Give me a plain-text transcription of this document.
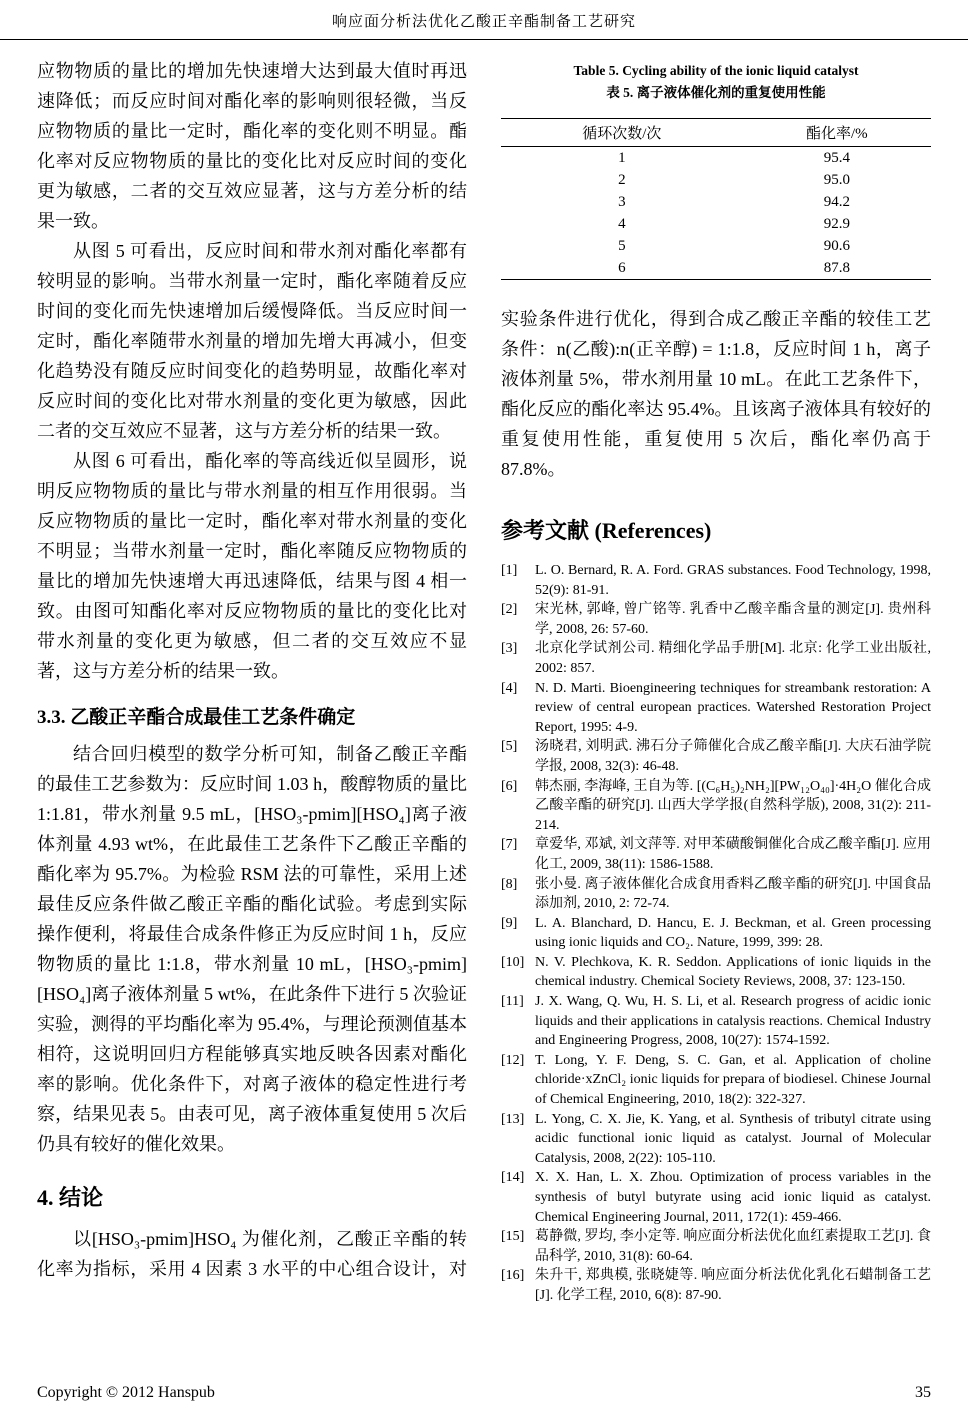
响应面分析法优化乙酸正辛酯制备工艺研究

应物物质的量比的增加先快速增大达到最大值时再迅速降低；而反应时间对酯化率的影响则很轻微，当反应物物质的量比一定时，酯化率的变化则不明显。酯化率对反应物物质的量比的变化比对反应时间的变化更为敏感，二者的交互效应显著，这与方差分析的结果一致。

从图 5 可看出，反应时间和带水剂对酯化率都有较明显的影响。当带水剂量一定时，酯化率随着反应时间的变化而先快速增加后缓慢降低。当反应时间一定时，酯化率随带水剂量的增加先增大再减小，但变化趋势没有随反应时间变化的趋势明显，故酯化率对反应时间的变化比对带水剂量的变化更为敏感，因此二者的交互效应不显著，这与方差分析的结果一致。

从图 6 可看出，酯化率的等高线近似呈圆形，说明反应物物质的量比与带水剂量的相互作用很弱。当反应物物质的量比一定时，酯化率对带水剂量的变化不明显；当带水剂量一定时，酯化率随反应物物质的量比的增加先快速增大再迅速降低，结果与图 4 相一致。由图可知酯化率对反应物物质的量比的变化比对带水剂量的变化更为敏感，但二者的交互效应不显著，这与方差分析的结果一致。

3.3. 乙酸正辛酯合成最佳工艺条件确定

结合回归模型的数学分析可知，制备乙酸正辛酯的最佳工艺参数为：反应时间 1.03 h，酸醇物质的量比 1:1.81，带水剂量 9.5 mL，[HSO₃-pmim][HSO₄]离子液体剂量 4.93 wt%，在此最佳工艺条件下乙酸正辛酯的酯化率为 95.7%。为检验 RSM 法的可靠性，采用上述最佳反应条件做乙酸正辛酯的酯化试验。考虑到实际操作便利，将最佳合成条件修正为反应时间 1 h，反应物物质的量比 1:1.8，带水剂量 10 mL，[HSO₃-pmim][HSO₄]离子液体剂量 5 wt%，在此条件下进行 5 次验证实验，测得的平均酯化率为 95.4%，与理论预测值基本相符，这说明回归方程能够真实地反映各因素对酯化率的影响。优化条件下，对离子液体的稳定性进行考察，结果见表 5。由表可见，离子液体重复使用 5 次后仍具有较好的催化效果。

4. 结论

以[HSO₃-pmim]HSO₄ 为催化剂，乙酸正辛酯的转化率为指标，采用 4 因素 3 水平的中心组合设计，对

Table 5. Cycling ability of the ionic liquid catalyst
表 5. 离子液体催化剂的重复使用性能
循环次数/次	酯化率/%
1	95.4
2	95.0
3	94.2
4	92.9
5	90.6
6	87.8

实验条件进行优化，得到合成乙酸正辛酯的较佳工艺条件：n(乙酸):n(正辛醇) = 1:1.8，反应时间 1 h，离子液体剂量 5%，带水剂用量 10 mL。在此工艺条件下，酯化反应的酯化率达 95.4%。且该离子液体具有较好的重复使用性能，重复使用 5 次后，酯化率仍高于 87.8%。

参考文献 (References)
[1]	L. O. Bernard, R. A. Ford. GRAS substances. Food Technology, 1998, 52(9): 81-91.
[2]	宋光林, 郭峰, 曾广铭等. 乳香中乙酸辛酯含量的测定[J]. 贵州科学, 2008, 26: 57-60.
[3]	北京化学试剂公司. 精细化学品手册[M]. 北京: 化学工业出版社, 2002: 857.
[4]	N. D. Marti. Bioengineering techniques for streambank restoration: A review of central european practices. Watershed Restoration Project Report, 1995: 4-9.
[5]	汤晓君, 刘明武. 沸石分子筛催化合成乙酸辛酯[J]. 大庆石油学院学报, 2008, 32(3): 46-48.
[6]	韩杰丽, 李海峰, 王自为等. [(C₆H₅)₂NH₂][PW₁₂O₄₀]·4H₂O 催化合成乙酸辛酯的研究[J]. 山西大学学报(自然科学版), 2008, 31(2): 211-214.
[7]	章爱华, 邓斌, 刘文萍等. 对甲苯磺酸铜催化合成乙酸辛酯[J]. 应用化工, 2009, 38(11): 1586-1588.
[8]	张小曼. 离子液体催化合成食用香料乙酸辛酯的研究[J]. 中国食品添加剂, 2010, 2: 72-74.
[9]	L. A. Blanchard, D. Hancu, E. J. Beckman, et al. Green processing using ionic liquids and CO₂. Nature, 1999, 399: 28.
[10] N. V. Plechkova, K. R. Seddon. Applications of ionic liquids in the chemical industry. Chemical Society Reviews, 2008, 37: 123-150.
[11] J. X. Wang, Q. Wu, H. S. Li, et al. Research progress of acidic ionic liquids and their applications in catalysis reactions. Chemical Industry and Engineering Progress, 2008, 10(27): 1574-1592.
[12] T. Long, Y. F. Deng, S. C. Gan, et al. Application of choline chloride·xZnCl₂ ionic liquids for prepara of biodiesel. Chinese Journal of Chemical Engineering, 2010, 18(2): 322-327.
[13] L. Yong, C. X. Jie, K. Yang, et al. Synthesis of tributyl citrate using acidic functional ionic liquid as catalyst. Journal of Molecular Catalysis, 2008, 2(22): 105-110.
[14] X. X. Han, L. X. Zhou. Optimization of process variables in the synthesis of butyl butyrate using acid ionic liquid as catalyst. Chemical Engineering Journal, 2011, 172(1): 459-466.
[15] 葛静微, 罗均, 李小定等. 响应面分析法优化血红素提取工艺[J]. 食品科学, 2010, 31(8): 60-64.
[16] 朱升干, 郑典模, 张晓婕等. 响应面分析法优化乳化石蜡制备工艺[J]. 化学工程, 2010, 6(8): 87-90.
Copyright © 2012 Hanspub	35
